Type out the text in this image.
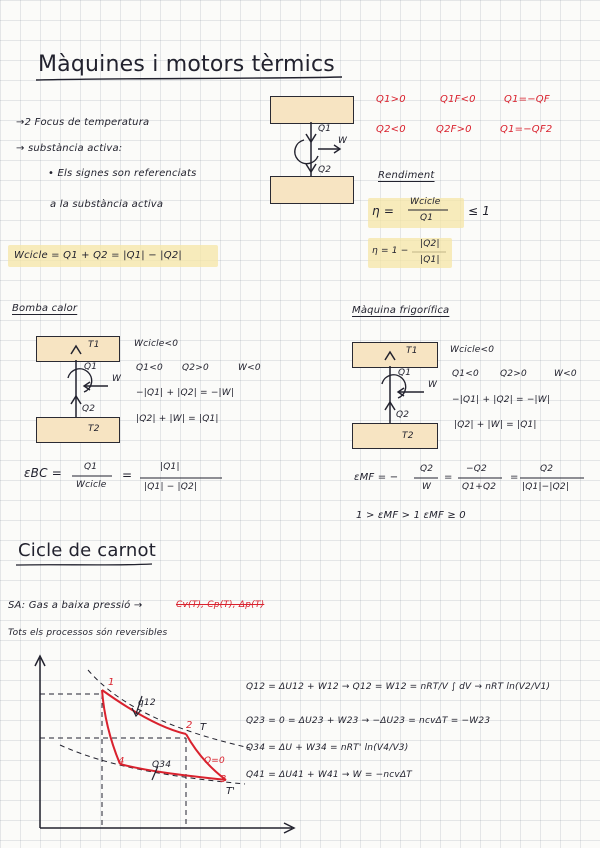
Màquines i motors tèrmics
→2 Focus de temperatura
→ substància activa:
• Els signes son referenciats
a la substància activa
Q1
Q2
W
Q1>0	Q1F<0	Q1=−QF
Q2<0	Q2F>0	Q1=−QF2
Rendiment
η =
Wcicle
Q1	≤ 1
η = 1 −
|Q2|
|Q1|
Wcicle = Q1 + Q2 = |Q1| − |Q2|
Bomba calor
T1
T2
Q1
Q2
W
Wcicle<0
Q1<0 Q2>0	W<0
−|Q1| + |Q2| = −|W|
|Q2| + |W| = |Q1|
εBC = Q1
Wcicle
=
|Q1|
|Q1| − |Q2|
Màquina frigorífica
T1
T2
Q1
Q2
W
Wcicle<0
Q1<0 Q2>0	W<0
−|Q1| + |Q2| = −|W|
|Q2| + |W| = |Q1|
εMF = −
Q2
W
=
−Q2
Q1+Q2
=
Q2
|Q1|−|Q2|
1 > εMF > 1 εMF ≥ 0
Cicle de carnot
SA: Gas a baixa pressió →	Cv(T), Cp(T), Δp(T)
Tots els processos són reversibles
1
2
3
4
T
T'
q12
Q34	Q=0
Q12 = ΔU12 + W12 → Q12 = W12 = nRT/V ∫ dV → nRT ln(V2/V1)
Q23 = 0 = ΔU23 + W23 → −ΔU23 = ncvΔT = −W23
Q34 = ΔU + W34 = nRT' ln(V4/V3)
Q41 = ΔU41 + W41 → W = −ncvΔT
